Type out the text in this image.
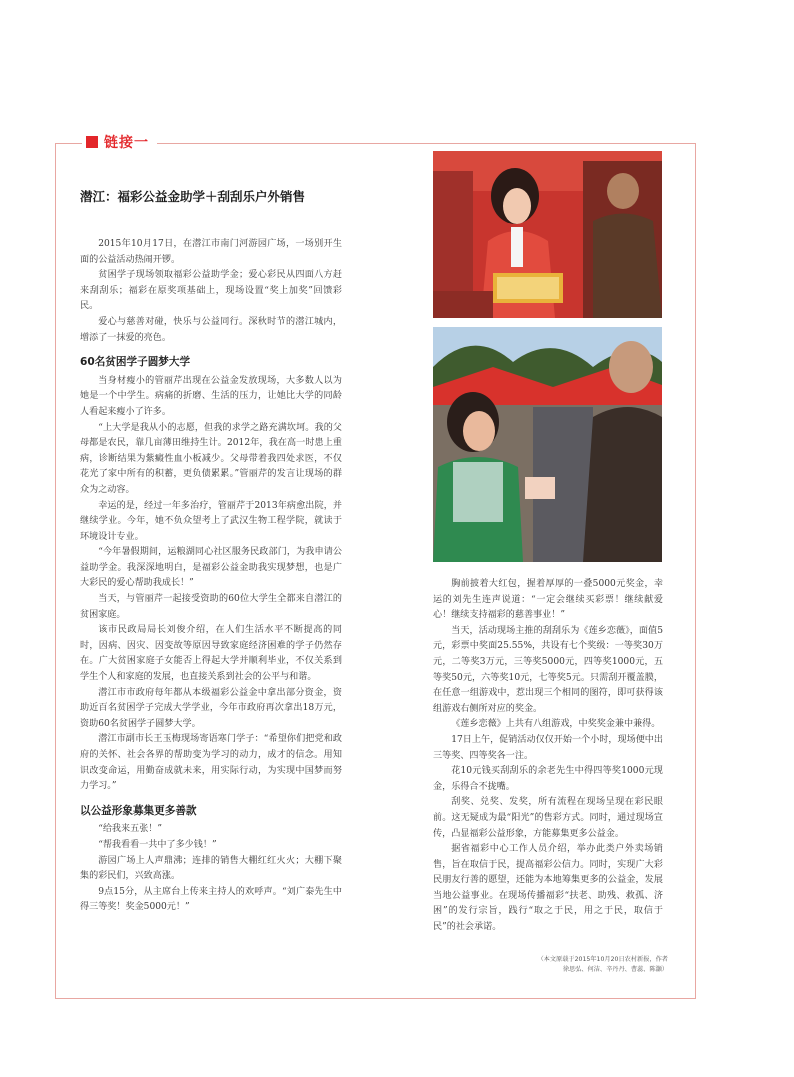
链接一
潜江：福彩公益金助学＋刮刮乐户外销售

2015年10月17日，在潜江市南门河游园广场，一场别开生面的公益活动热闹开锣。

贫困学子现场领取福彩公益助学金；爱心彩民从四面八方赶来刮刮乐；福彩在原奖项基础上，现场设置“奖上加奖”回馈彩民。

爱心与慈善对碰，快乐与公益同行。深秋时节的潜江城内，增添了一抹爱的亮色。

60名贫困学子圆梦大学

当身材瘦小的管丽芹出现在公益金发放现场，大多数人以为她是一个中学生。病痛的折磨、生活的压力，让她比大学的同龄人看起来瘦小了许多。

“上大学是我从小的志愿，但我的求学之路充满坎坷。我的父母都是农民，靠几亩薄田维持生计。2012年，我在高一时患上重病，诊断结果为紫癜性血小板减少。父母带着我四处求医，不仅花光了家中所有的积蓄，更负债累累。”管丽芹的发言让现场的群众为之动容。

幸运的是，经过一年多治疗，管丽芹于2013年病愈出院，并继续学业。今年，她不负众望考上了武汉生物工程学院，就读于环境设计专业。

“今年暑假期间，运粮湖同心社区服务民政部门，为我申请公益助学金。我深深地明白，是福彩公益金助我实现梦想，也是广大彩民的爱心帮助我成长！”

当天，与管丽芹一起接受资助的60位大学生全都来自潜江的贫困家庭。

该市民政局局长刘俊介绍，在人们生活水平不断提高的同时，因病、因灾、因变故等原因导致家庭经济困难的学子仍然存在。广大贫困家庭子女能否上得起大学并顺利毕业，不仅关系到学生个人和家庭的发展，也直接关系到社会的公平与和谐。

潜江市市政府每年都从本级福彩公益金中拿出部分资金，资助近百名贫困学子完成大学学业，今年市政府再次拿出18万元，资助60名贫困学子圆梦大学。

潜江市副市长王玉梅现场寄语寒门学子：“希望你们把党和政府的关怀、社会各界的帮助变为学习的动力，成才的信念。用知识改变命运，用勤奋成就未来，用实际行动，为实现中国梦而努力学习。”

以公益形象募集更多善款

“给我来五张！”

“帮我看看一共中了多少钱！”

游园广场上人声鼎沸；连排的销售大棚红红火火；大棚下聚集的彩民们，兴致高涨。

9点15分，从主席台上传来主持人的欢呼声。“刘广泰先生中得三等奖！奖金5000元！”

胸前披着大红包，握着厚厚的一叠5000元奖金，幸运的刘先生连声说道：“一定会继续买彩票！继续献爱心！继续支持福彩的慈善事业！”

当天，活动现场主推的刮刮乐为《莲乡恋薇》，面值5元，彩票中奖面25.55%，共设有七个奖级：一等奖30万元，二等奖3万元，三等奖5000元，四等奖1000元，五等奖50元，六等奖10元，七等奖5元。只需刮开覆盖膜，在任意一组游戏中，惹出现三个相同的图符，即可获得该组游戏右侧所对应的奖金。

《莲乡恋薇》上共有八组游戏，中奖奖金兼中兼得。

17日上午，促销活动仅仅开始一个小时，现场便中出三等奖、四等奖各一注。

花10元钱买刮刮乐的余老先生中得四等奖1000元现金，乐得合不拢嘴。

刮奖、兑奖、发奖，所有流程在现场呈现在彩民眼前。这无疑成为最“阳光”的售彩方式。同时，通过现场宣传，凸显福彩公益形象，方能募集更多公益金。

据省福彩中心工作人员介绍，举办此类户外卖场销售，旨在取信于民，提高福彩公信力。同时，实现广大彩民朋友行善的愿望，还能为本地筹集更多的公益金，发展当地公益事业。在现场传播福彩“扶老、助残、救孤、济困”的发行宗旨，践行“取之于民，用之于民，取信于民”的社会承诺。

（本文原载于2015年10月20日农村新报，作者
徐思弘、何洁、辛丹丹、曹蕊、陈灏）
